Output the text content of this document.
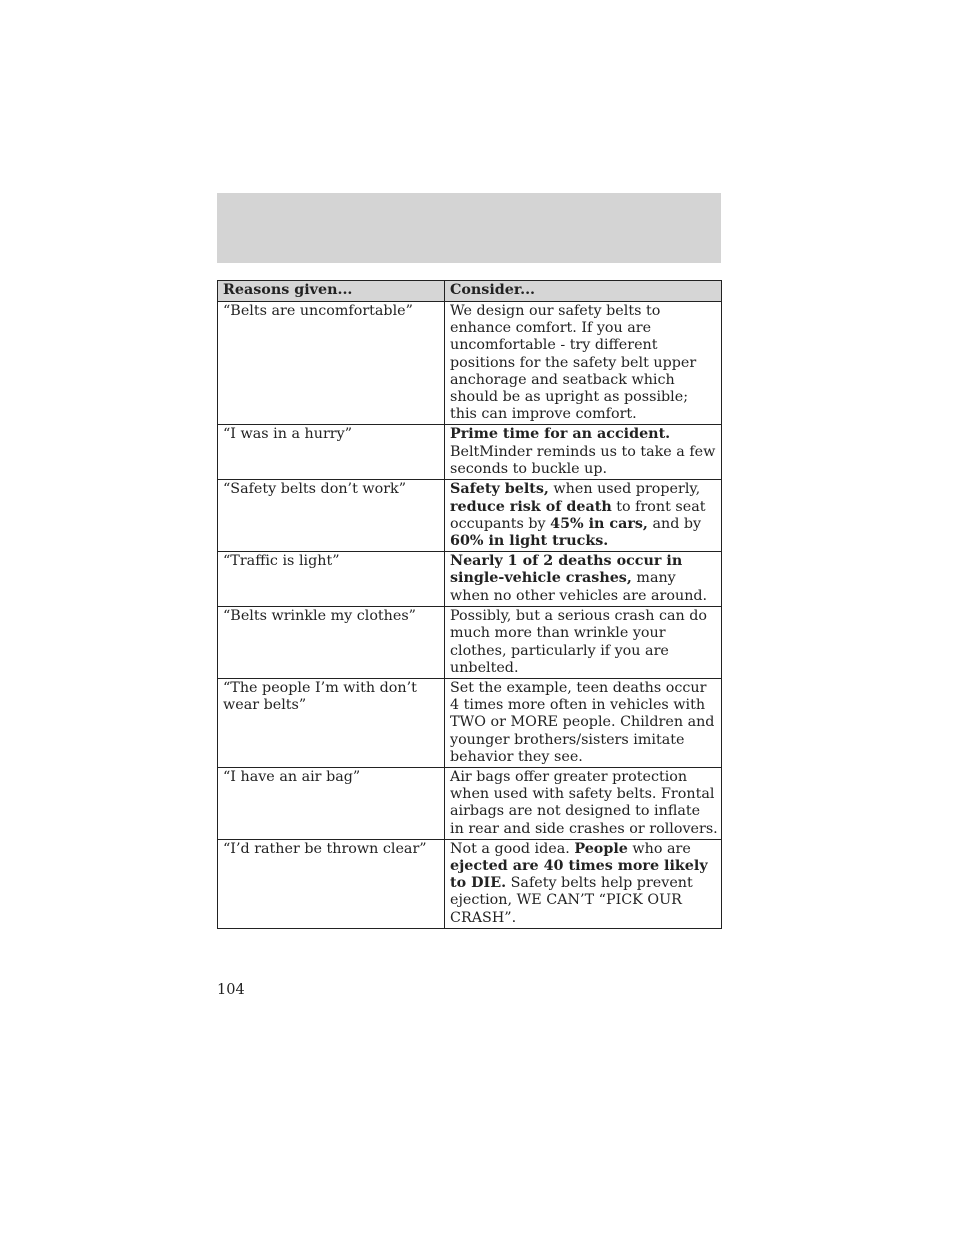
Reasons given...	Consider...
“Belts are uncomfortable”	We design our safety belts to enhance comfort. If you are uncomfortable - try different positions for the safety belt upper anchorage and seatback which should be as upright as possible; this can improve comfort.
“I was in a hurry”	Prime time for an accident. BeltMinder reminds us to take a few seconds to buckle up.
“Safety belts don’t work”	Safety belts, when used properly, reduce risk of death to front seat occupants by 45% in cars, and by 60% in light trucks.
“Traffic is light”	Nearly 1 of 2 deaths occur in single-vehicle crashes, many when no other vehicles are around.
“Belts wrinkle my clothes”	Possibly, but a serious crash can do much more than wrinkle your clothes, particularly if you are unbelted.
“The people I’m with don’t wear belts”	Set the example, teen deaths occur 4 times more often in vehicles with TWO or MORE people. Children and younger brothers/sisters imitate behavior they see.
“I have an air bag”	Air bags offer greater protection when used with safety belts. Frontal airbags are not designed to inflate in rear and side crashes or rollovers.
“I’d rather be thrown clear”	Not a good idea. People who are ejected are 40 times more likely to DIE. Safety belts help prevent ejection, WE CAN’T “PICK OUR CRASH”.
104
